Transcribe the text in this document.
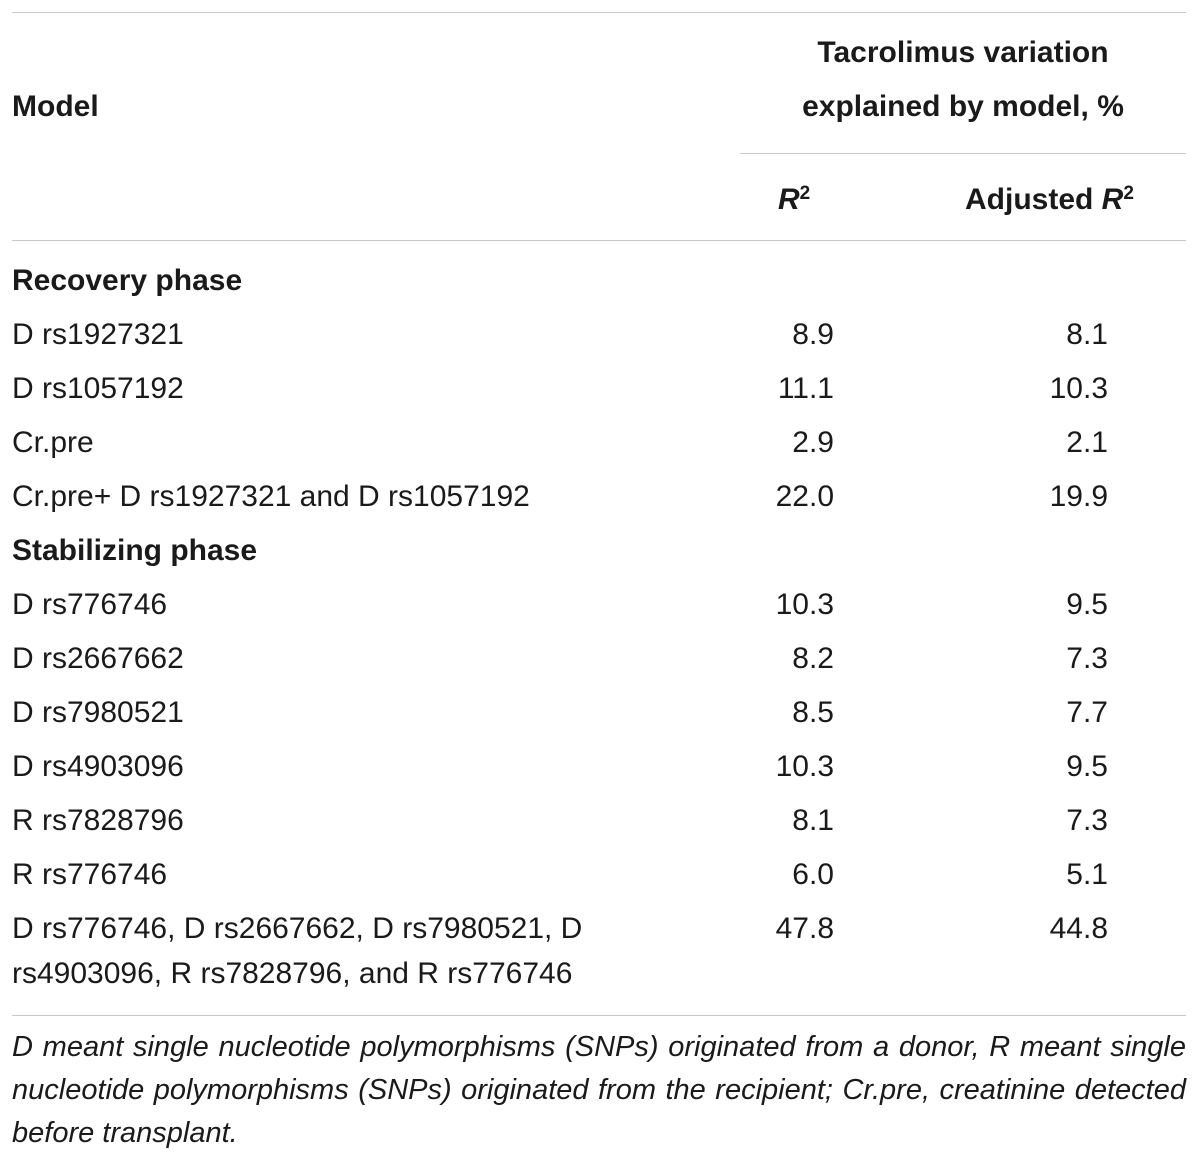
Model
Tacrolimus variation
explained by model, %
$R^2$	Adjusted $R^2$
Recovery phase
D rs1927321	8.9	8.1
D rs1057192	11.1	10.3
Cr.pre	2.9	2.1
Cr.pre+ D rs1927321 and D rs1057192	22.0	19.9
Stabilizing phase
D rs776746	10.3	9.5
D rs2667662	8.2	7.3
D rs7980521	8.5	7.7
D rs4903096	10.3	9.5
R rs7828796	8.1	7.3
R rs776746	6.0	5.1
D rs776746, D rs2667662, D rs7980521, D
rs4903096, R rs7828796, and R rs776746
47.8	44.8
D meant single nucleotide polymorphisms (SNPs) originated from a donor, R meant single nucleotide polymorphisms (SNPs) originated from the recipient; Cr.pre, creatinine detected before transplant.
